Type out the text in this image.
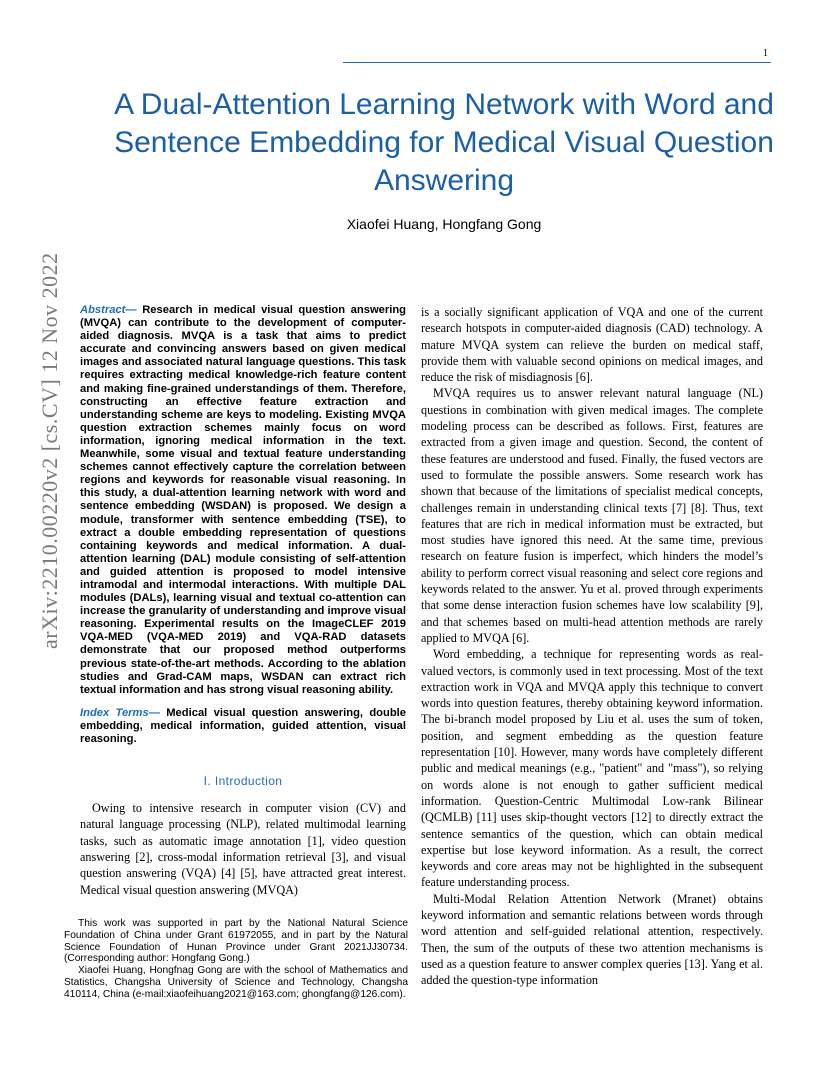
1
arXiv:2210.00220v2 [cs.CV] 12 Nov 2022
A Dual-Attention Learning Network with Word and Sentence Embedding for Medical Visual Question Answering
Xiaofei Huang, Hongfang Gong

Abstract— Research in medical visual question answering (MVQA) can contribute to the development of computer-aided diagnosis. MVQA is a task that aims to predict accurate and convincing answers based on given medical images and associated natural language questions. This task requires extracting medical knowledge-rich feature content and making fine-grained understandings of them. Therefore, constructing an effective feature extraction and understanding scheme are keys to modeling. Existing MVQA question extraction schemes mainly focus on word information, ignoring medical information in the text. Meanwhile, some visual and textual feature understanding schemes cannot effectively capture the correlation between regions and keywords for reasonable visual reasoning. In this study, a dual-attention learning network with word and sentence embedding (WSDAN) is proposed. We design a module, transformer with sentence embedding (TSE), to extract a double embedding representation of questions containing keywords and medical information. A dual-attention learning (DAL) module consisting of self-attention and guided attention is proposed to model intensive intramodal and intermodal interactions. With multiple DAL modules (DALs), learning visual and textual co-attention can increase the granularity of understanding and improve visual reasoning. Experimental results on the ImageCLEF 2019 VQA-MED (VQA-MED 2019) and VQA-RAD datasets demonstrate that our proposed method outperforms previous state-of-the-art methods. According to the ablation studies and Grad-CAM maps, WSDAN can extract rich textual information and has strong visual reasoning ability.

Index Terms— Medical visual question answering, double embedding, medical information, guided attention, visual reasoning.

I. Introduction

Owing to intensive research in computer vision (CV) and natural language processing (NLP), related multimodal learning tasks, such as automatic image annotation [1], video question answering [2], cross-modal information retrieval [3], and visual question answering (VQA) [4] [5], have attracted great interest. Medical visual question answering (MVQA)

This work was supported in part by the National Natural Science Foundation of China under Grant 61972055, and in part by the Natural Science Foundation of Hunan Province under Grant 2021JJ30734. (Corresponding author: Hongfang Gong.)

Xiaofei Huang, Hongfnag Gong are with the school of Mathematics and Statistics, Changsha University of Science and Technology, Changsha 410114, China (e-mail:xiaofeihuang2021@163.com; ghongfang@126.com).

is a socially significant application of VQA and one of the current research hotspots in computer-aided diagnosis (CAD) technology. A mature MVQA system can relieve the burden on medical staff, provide them with valuable second opinions on medical images, and reduce the risk of misdiagnosis [6].

MVQA requires us to answer relevant natural language (NL) questions in combination with given medical images. The complete modeling process can be described as follows. First, features are extracted from a given image and question. Second, the content of these features are understood and fused. Finally, the fused vectors are used to formulate the possible answers. Some research work has shown that because of the limitations of specialist medical concepts, challenges remain in understanding clinical texts [7] [8]. Thus, text features that are rich in medical information must be extracted, but most studies have ignored this need. At the same time, previous research on feature fusion is imperfect, which hinders the model’s ability to perform correct visual reasoning and select core regions and keywords related to the answer. Yu et al. proved through experiments that some dense interaction fusion schemes have low scalability [9], and that schemes based on multi-head attention methods are rarely applied to MVQA [6].

Word embedding, a technique for representing words as real-valued vectors, is commonly used in text processing. Most of the text extraction work in VQA and MVQA apply this technique to convert words into question features, thereby obtaining keyword information. The bi-branch model proposed by Liu et al. uses the sum of token, position, and segment embedding as the question feature representation [10]. However, many words have completely different public and medical meanings (e.g., "patient" and "mass"), so relying on words alone is not enough to gather sufficient medical information. Question-Centric Multimodal Low-rank Bilinear (QCMLB) [11] uses skip-thought vectors [12] to directly extract the sentence semantics of the question, which can obtain medical expertise but lose keyword information. As a result, the correct keywords and core areas may not be highlighted in the subsequent feature understanding process.

Multi-Modal Relation Attention Network (Mranet) obtains keyword information and semantic relations between words through word attention and self-guided relational attention, respectively. Then, the sum of the outputs of these two attention mechanisms is used as a question feature to answer complex queries [13]. Yang et al. added the question-type information
